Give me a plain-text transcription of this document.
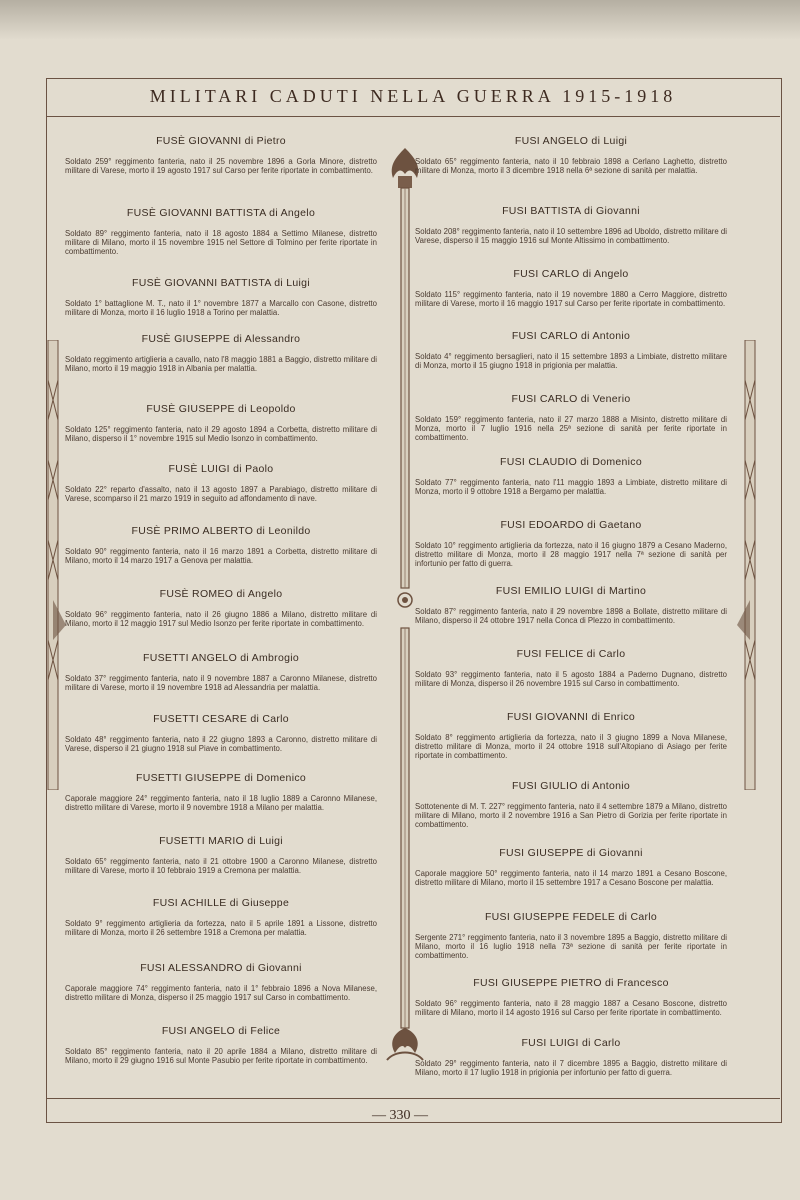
MILITARI CADUTI NELLA GUERRA 1915-1918

FUSÈ GIOVANNI di Pietro

Soldato 259° reggimento fanteria, nato il 25 novembre 1896 a Gorla Minore, distretto militare di Varese, morto il 19 agosto 1917 sul Carso per ferite riportate in combattimento.

FUSÈ GIOVANNI BATTISTA di Angelo

Soldato 89° reggimento fanteria, nato il 18 agosto 1884 a Settimo Milanese, distretto militare di Milano, morto il 15 novembre 1915 nel Settore di Tolmino per ferite riportate in combattimento.

FUSÈ GIOVANNI BATTISTA di Luigi

Soldato 1° battaglione M. T., nato il 1° novembre 1877 a Marcallo con Casone, distretto militare di Monza, morto il 16 luglio 1918 a Torino per malattia.

FUSÈ GIUSEPPE di Alessandro

Soldato reggimento artiglieria a cavallo, nato l'8 maggio 1881 a Baggio, distretto militare di Milano, morto il 19 maggio 1918 in Albania per malattia.

FUSÈ GIUSEPPE di Leopoldo

Soldato 125° reggimento fanteria, nato il 29 agosto 1894 a Corbetta, distretto militare di Milano, disperso il 1° novembre 1915 sul Medio Isonzo in combattimento.

FUSÈ LUIGI di Paolo

Soldato 22° reparto d'assalto, nato il 13 agosto 1897 a Parabiago, distretto militare di Varese, scomparso il 21 marzo 1919 in seguito ad affondamento di nave.

FUSÈ PRIMO ALBERTO di Leonildo

Soldato 90° reggimento fanteria, nato il 16 marzo 1891 a Corbetta, distretto militare di Milano, morto il 14 marzo 1917 a Genova per malattia.

FUSÈ ROMEO di Angelo

Soldato 96° reggimento fanteria, nato il 26 giugno 1886 a Milano, distretto militare di Milano, morto il 12 maggio 1917 sul Medio Isonzo per ferite riportate in combattimento.

FUSETTI ANGELO di Ambrogio

Soldato 37° reggimento fanteria, nato il 9 novembre 1887 a Caronno Milanese, distretto militare di Varese, morto il 19 novembre 1918 ad Alessandria per malattia.

FUSETTI CESARE di Carlo

Soldato 48° reggimento fanteria, nato il 22 giugno 1893 a Caronno, distretto militare di Varese, disperso il 21 giugno 1918 sul Piave in combattimento.

FUSETTI GIUSEPPE di Domenico

Caporale maggiore 24° reggimento fanteria, nato il 18 luglio 1889 a Caronno Milanese, distretto militare di Varese, morto il 9 novembre 1918 a Milano per malattia.

FUSETTI MARIO di Luigi

Soldato 65° reggimento fanteria, nato il 21 ottobre 1900 a Caronno Milanese, distretto militare di Varese, morto il 10 febbraio 1919 a Cremona per malattia.

FUSI ACHILLE di Giuseppe

Soldato 9° reggimento artiglieria da fortezza, nato il 5 aprile 1891 a Lissone, distretto militare di Monza, morto il 26 settembre 1918 a Cremona per malattia.

FUSI ALESSANDRO di Giovanni

Caporale maggiore 74° reggimento fanteria, nato il 1° febbraio 1896 a Nova Milanese, distretto militare di Monza, disperso il 25 maggio 1917 sul Carso in combattimento.

FUSI ANGELO di Felice

Soldato 85° reggimento fanteria, nato il 20 aprile 1884 a Milano, distretto militare di Milano, morto il 29 giugno 1916 sul Monte Pasubio per ferite riportate in combattimento.

FUSI ANGELO di Luigi

Soldato 65° reggimento fanteria, nato il 10 febbraio 1898 a Cerlano Laghetto, distretto militare di Monza, morto il 3 dicembre 1918 nella 6ª sezione di sanità per malattia.

FUSI BATTISTA di Giovanni

Soldato 208° reggimento fanteria, nato il 10 settembre 1896 ad Uboldo, distretto militare di Varese, disperso il 15 maggio 1916 sul Monte Altissimo in combattimento.

FUSI CARLO di Angelo

Soldato 115° reggimento fanteria, nato il 19 novembre 1880 a Cerro Maggiore, distretto militare di Varese, morto il 16 maggio 1917 sul Carso per ferite riportate in combattimento.

FUSI CARLO di Antonio

Soldato 4° reggimento bersaglieri, nato il 15 settembre 1893 a Limbiate, distretto militare di Monza, morto il 15 giugno 1918 in prigionia per malattia.

FUSI CARLO di Venerio

Soldato 159° reggimento fanteria, nato il 27 marzo 1888 a Misinto, distretto militare di Monza, morto il 7 luglio 1916 nella 25ª sezione di sanità per ferite riportate in combattimento.

FUSI CLAUDIO di Domenico

Soldato 77° reggimento fanteria, nato l'11 maggio 1893 a Limbiate, distretto militare di Monza, morto il 9 ottobre 1918 a Bergamo per malattia.

FUSI EDOARDO di Gaetano

Soldato 10° reggimento artiglieria da fortezza, nato il 16 giugno 1879 a Cesano Maderno, distretto militare di Monza, morto il 28 maggio 1917 nella 7ª sezione di sanità per infortunio per fatto di guerra.

FUSI EMILIO LUIGI di Martino

Soldato 87° reggimento fanteria, nato il 29 novembre 1898 a Bollate, distretto militare di Milano, disperso il 24 ottobre 1917 nella Conca di Plezzo in combattimento.

FUSI FELICE di Carlo

Soldato 93° reggimento fanteria, nato il 5 agosto 1884 a Paderno Dugnano, distretto militare di Monza, disperso il 26 novembre 1915 sul Carso in combattimento.

FUSI GIOVANNI di Enrico

Soldato 8° reggimento artiglieria da fortezza, nato il 3 giugno 1899 a Nova Milanese, distretto militare di Monza, morto il 24 ottobre 1918 sull'Altopiano di Asiago per ferite riportate in combattimento.

FUSI GIULIO di Antonio

Sottotenente di M. T. 227° reggimento fanteria, nato il 4 settembre 1879 a Milano, distretto militare di Milano, morto il 2 novembre 1916 a San Pietro di Gorizia per ferite riportate in combattimento.

FUSI GIUSEPPE di Giovanni

Caporale maggiore 50° reggimento fanteria, nato il 14 marzo 1891 a Cesano Boscone, distretto militare di Milano, morto il 15 settembre 1917 a Cesano Boscone per malattia.

FUSI GIUSEPPE FEDELE di Carlo

Sergente 271° reggimento fanteria, nato il 3 novembre 1895 a Baggio, distretto militare di Milano, morto il 16 luglio 1918 nella 73ª sezione di sanità per ferite riportate in combattimento.

FUSI GIUSEPPE PIETRO di Francesco

Soldato 96° reggimento fanteria, nato il 28 maggio 1887 a Cesano Boscone, distretto militare di Milano, morto il 14 agosto 1916 sul Carso per ferite riportate in combattimento.

FUSI LUIGI di Carlo

Soldato 29° reggimento fanteria, nato il 7 dicembre 1895 a Baggio, distretto militare di Milano, morto il 17 luglio 1918 in prigionia per infortunio per fatto di guerra.

— 330 —
